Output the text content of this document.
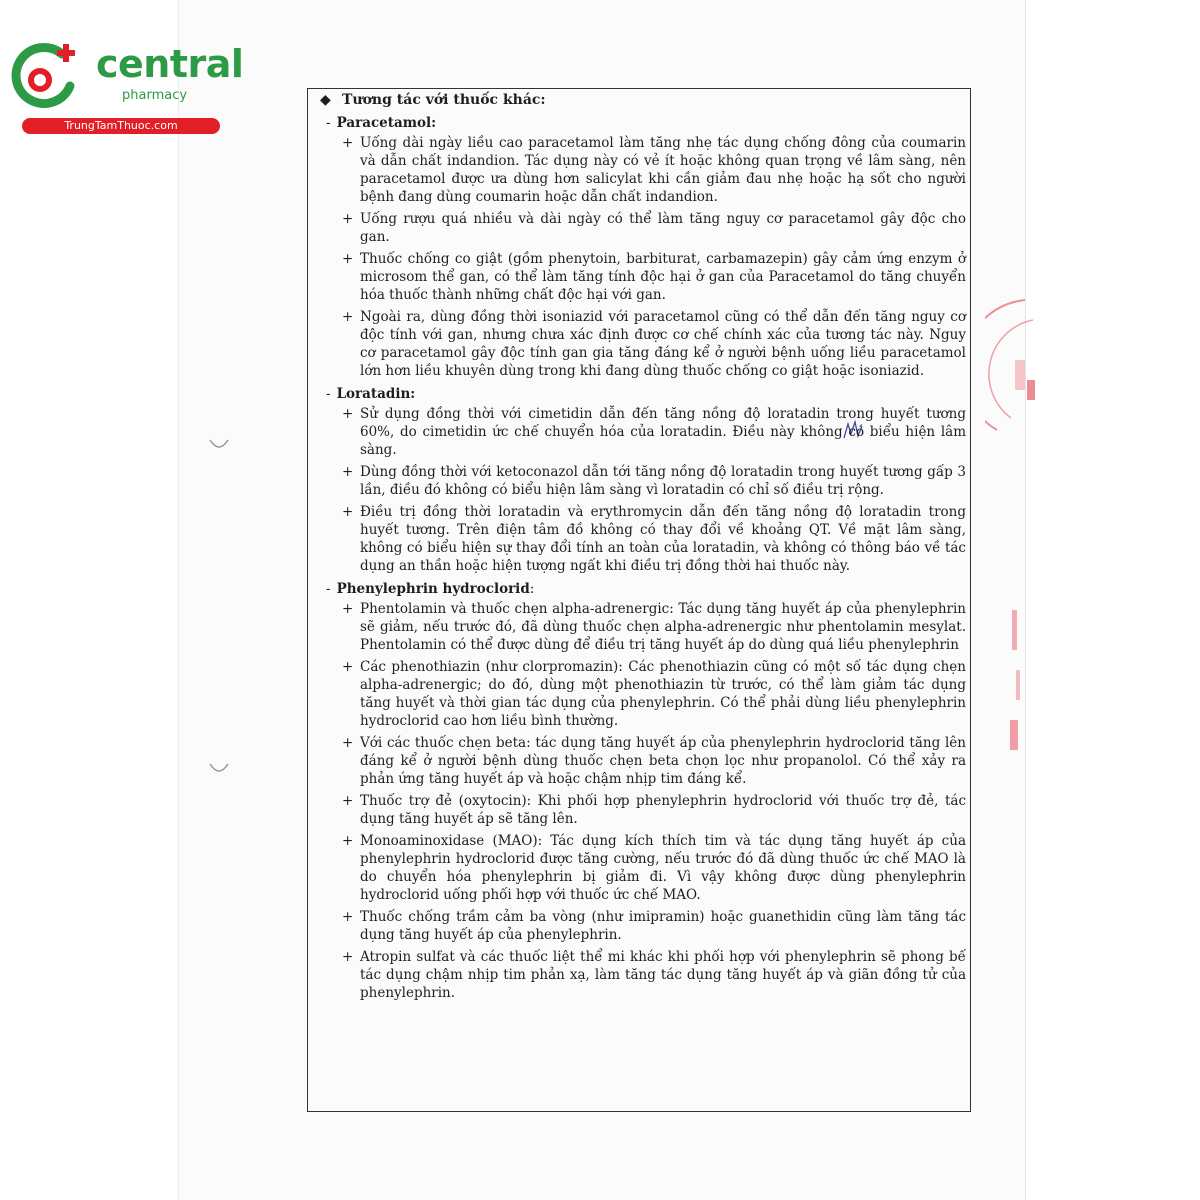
central
pharmacy
TrungTamThuoc.com
◆ Tương tác với thuốc khác:
- Paracetamol:
+ Uống dài ngày liều cao paracetamol làm tăng nhẹ tác dụng chống đông của coumarin và dẫn chất indandion. Tác dụng này có vẻ ít hoặc không quan trọng về lâm sàng, nên paracetamol được ưa dùng hơn salicylat khi cần giảm đau nhẹ hoặc hạ sốt cho người bệnh đang dùng coumarin hoặc dẫn chất indandion.
+ Uống rượu quá nhiều và dài ngày có thể làm tăng nguy cơ paracetamol gây độc cho gan.
+ Thuốc chống co giật (gồm phenytoin, barbiturat, carbamazepin) gây cảm ứng enzym ở microsom thể gan, có thể làm tăng tính độc hại ở gan của Paracetamol do tăng chuyển hóa thuốc thành những chất độc hại với gan.
+ Ngoài ra, dùng đồng thời isoniazid với paracetamol cũng có thể dẫn đến tăng nguy cơ độc tính với gan, nhưng chưa xác định được cơ chế chính xác của tương tác này. Nguy cơ paracetamol gây độc tính gan gia tăng đáng kể ở người bệnh uống liều paracetamol lớn hơn liều khuyên dùng trong khi đang dùng thuốc chống co giật hoặc isoniazid.
- Loratadin:
+ Sử dụng đồng thời với cimetidin dẫn đến tăng nồng độ loratadin trong huyết tương 60%, do cimetidin ức chế chuyển hóa của loratadin. Điều này không có biểu hiện lâm sàng.
+ Dùng đồng thời với ketoconazol dẫn tới tăng nồng độ loratadin trong huyết tương gấp 3 lần, điều đó không có biểu hiện lâm sàng vì loratadin có chỉ số điều trị rộng.
+ Điều trị đồng thời loratadin và erythromycin dẫn đến tăng nồng độ loratadin trong huyết tương. Trên điện tâm đồ không có thay đổi về khoảng QT. Về mặt lâm sàng, không có biểu hiện sự thay đổi tính an toàn của loratadin, và không có thông báo về tác dụng an thần hoặc hiện tượng ngất khi điều trị đồng thời hai thuốc này.
- Phenylephrin hydroclorid:
+ Phentolamin và thuốc chẹn alpha-adrenergic: Tác dụng tăng huyết áp của phenylephrin sẽ giảm, nếu trước đó, đã dùng thuốc chẹn alpha-adrenergic như phentolamin mesylat. Phentolamin có thể được dùng để điều trị tăng huyết áp do dùng quá liều phenylephrin
+ Các phenothiazin (như clorpromazin): Các phenothiazin cũng có một số tác dụng chẹn alpha-adrenergic; do đó, dùng một phenothiazin từ trước, có thể làm giảm tác dụng tăng huyết và thời gian tác dụng của phenylephrin. Có thể phải dùng liều phenylephrin hydroclorid cao hơn liều bình thường.
+ Với các thuốc chẹn beta: tác dụng tăng huyết áp của phenylephrin hydroclorid tăng lên đáng kể ở người bệnh dùng thuốc chẹn beta chọn lọc như propanolol. Có thể xảy ra phản ứng tăng huyết áp và hoặc chậm nhịp tim đáng kể.
+ Thuốc trợ đẻ (oxytocin): Khi phối hợp phenylephrin hydroclorid với thuốc trợ đẻ, tác dụng tăng huyết áp sẽ tăng lên.
+ Monoaminoxidase (MAO): Tác dụng kích thích tim và tác dụng tăng huyết áp của phenylephrin hydroclorid được tăng cường, nếu trước đó đã dùng thuốc ức chế MAO là do chuyển hóa phenylephrin bị giảm đi. Vì vậy không được dùng phenylephrin hydroclorid uống phối hợp với thuốc ức chế MAO.
+ Thuốc chống trầm cảm ba vòng (như imipramin) hoặc guanethidin cũng làm tăng tác dụng tăng huyết áp của phenylephrin.
+ Atropin sulfat và các thuốc liệt thể mi khác khi phối hợp với phenylephrin sẽ phong bế tác dụng chậm nhịp tim phản xạ, làm tăng tác dụng tăng huyết áp và giãn đồng tử của phenylephrin.
